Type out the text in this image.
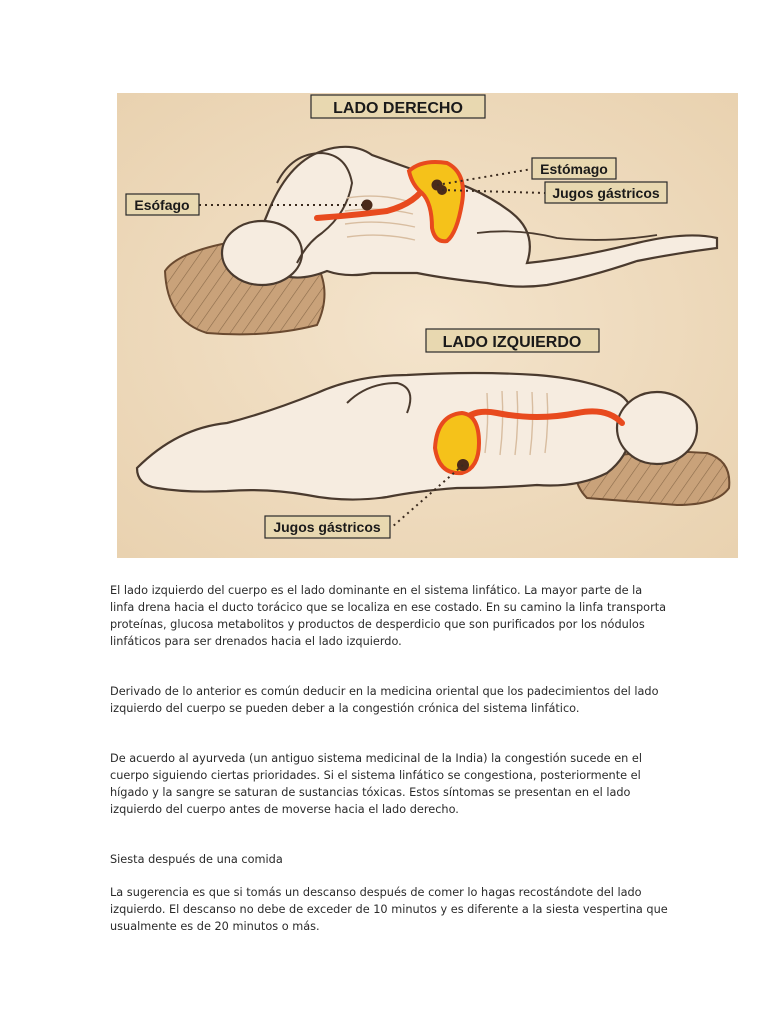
LADO DERECHO
Estómago
Jugos gástricos
Esófago
LADO IZQUIERDO
Jugos gástricos

El lado izquierdo del cuerpo es el lado dominante en el sistema linfático. La mayor parte de la linfa drena hacia el ducto torácico que se localiza en ese costado. En su camino la linfa transporta proteínas, glucosa metabolitos y productos de desperdicio que son purificados por los nódulos linfáticos para ser drenados hacia el lado izquierdo.

Derivado de lo anterior es común deducir en la medicina oriental que los padecimientos del lado izquierdo del cuerpo se pueden deber a la congestión crónica del sistema linfático.

De acuerdo al ayurveda (un antiguo sistema medicinal de la India) la congestión sucede en el cuerpo siguiendo ciertas prioridades. Si el sistema linfático se congestiona, posteriormente el hígado y la sangre se saturan de sustancias tóxicas. Estos síntomas se presentan en el lado izquierdo del cuerpo antes de moverse hacia el lado derecho.

Siesta después de una comida

La sugerencia es que si tomás un descanso después de comer lo hagas recostándote del lado izquierdo. El descanso no debe de exceder de 10 minutos y es diferente a la siesta vespertina que usualmente es de 20 minutos o más.
